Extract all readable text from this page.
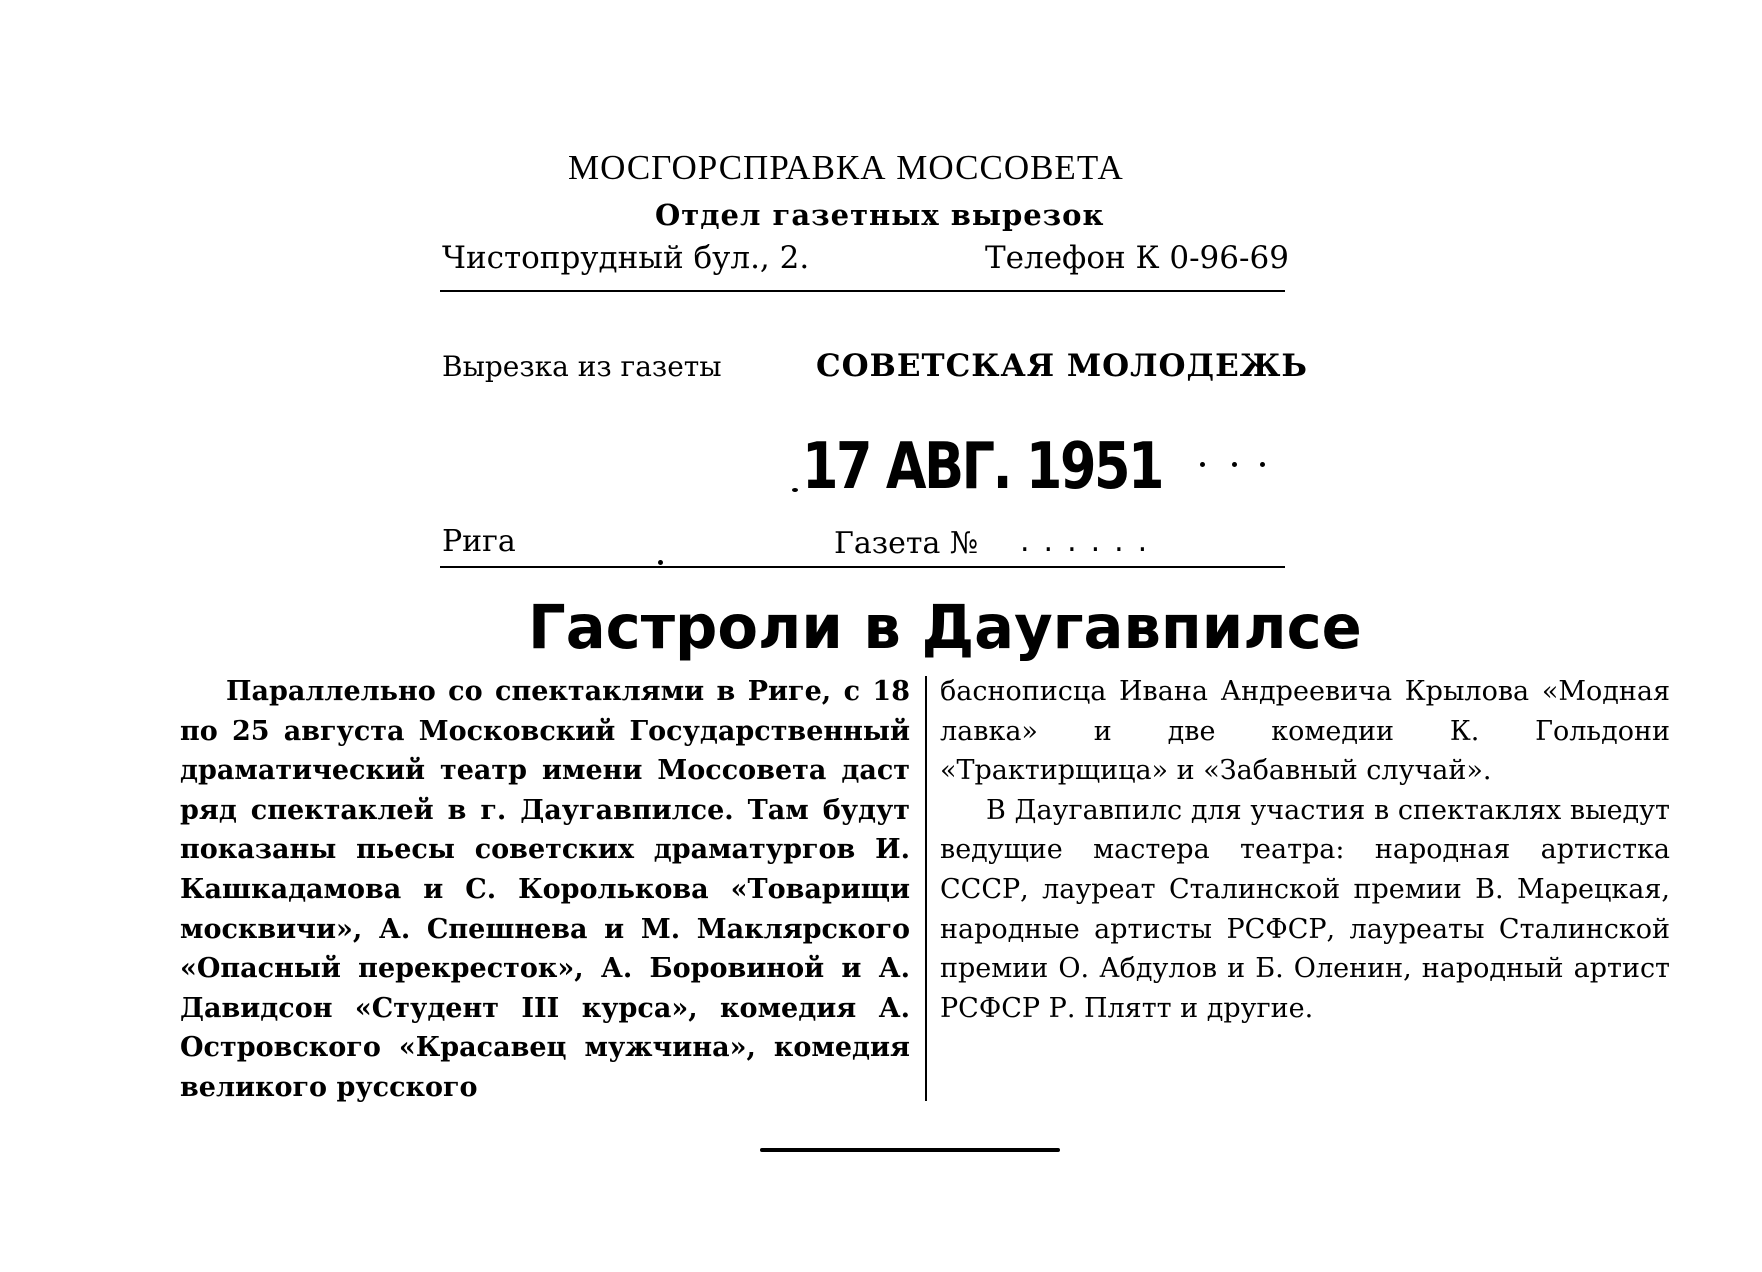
МОСГОРСПРАВКА МОССОВЕТА
Отдел газетных вырезок
Чистопрудный бул., 2.	Телефон К 0-96-69
Вырезка из газеты	СОВЕТСКАЯ МОЛОДЕЖЬ
17 АВГ. 1951
Рига	Газета № ......
Гастроли в Даугавпилсе
Параллельно со спектаклями в Риге, с 18 по 25 августа Московский Государственный драматический театр имени Моссовета даст ряд спектаклей в г. Даугавпилсе. Там будут показаны пьесы советских драматургов И. Кашкадамова и С. Королькова «Товарищи москвичи», А. Спешнева и М. Маклярского «Опасный перекресток», А. Боровиной и А. Давидсон «Студент III курса», комедия А. Островского «Красавец мужчина», комедия великого русского

баснописца Ивана Андреевича Крылова «Модная лавка» и две комедии К. Гольдони «Трактирщица» и «Забавный случай».

В Даугавпилс для участия в спектаклях выедут ведущие мастера театра: народная артистка СССР, лауреат Сталинской премии В. Марецкая, народные артисты РСФСР, лауреаты Сталинской премии О. Абдулов и Б. Оленин, народный артист РСФСР Р. Плятт и другие.
